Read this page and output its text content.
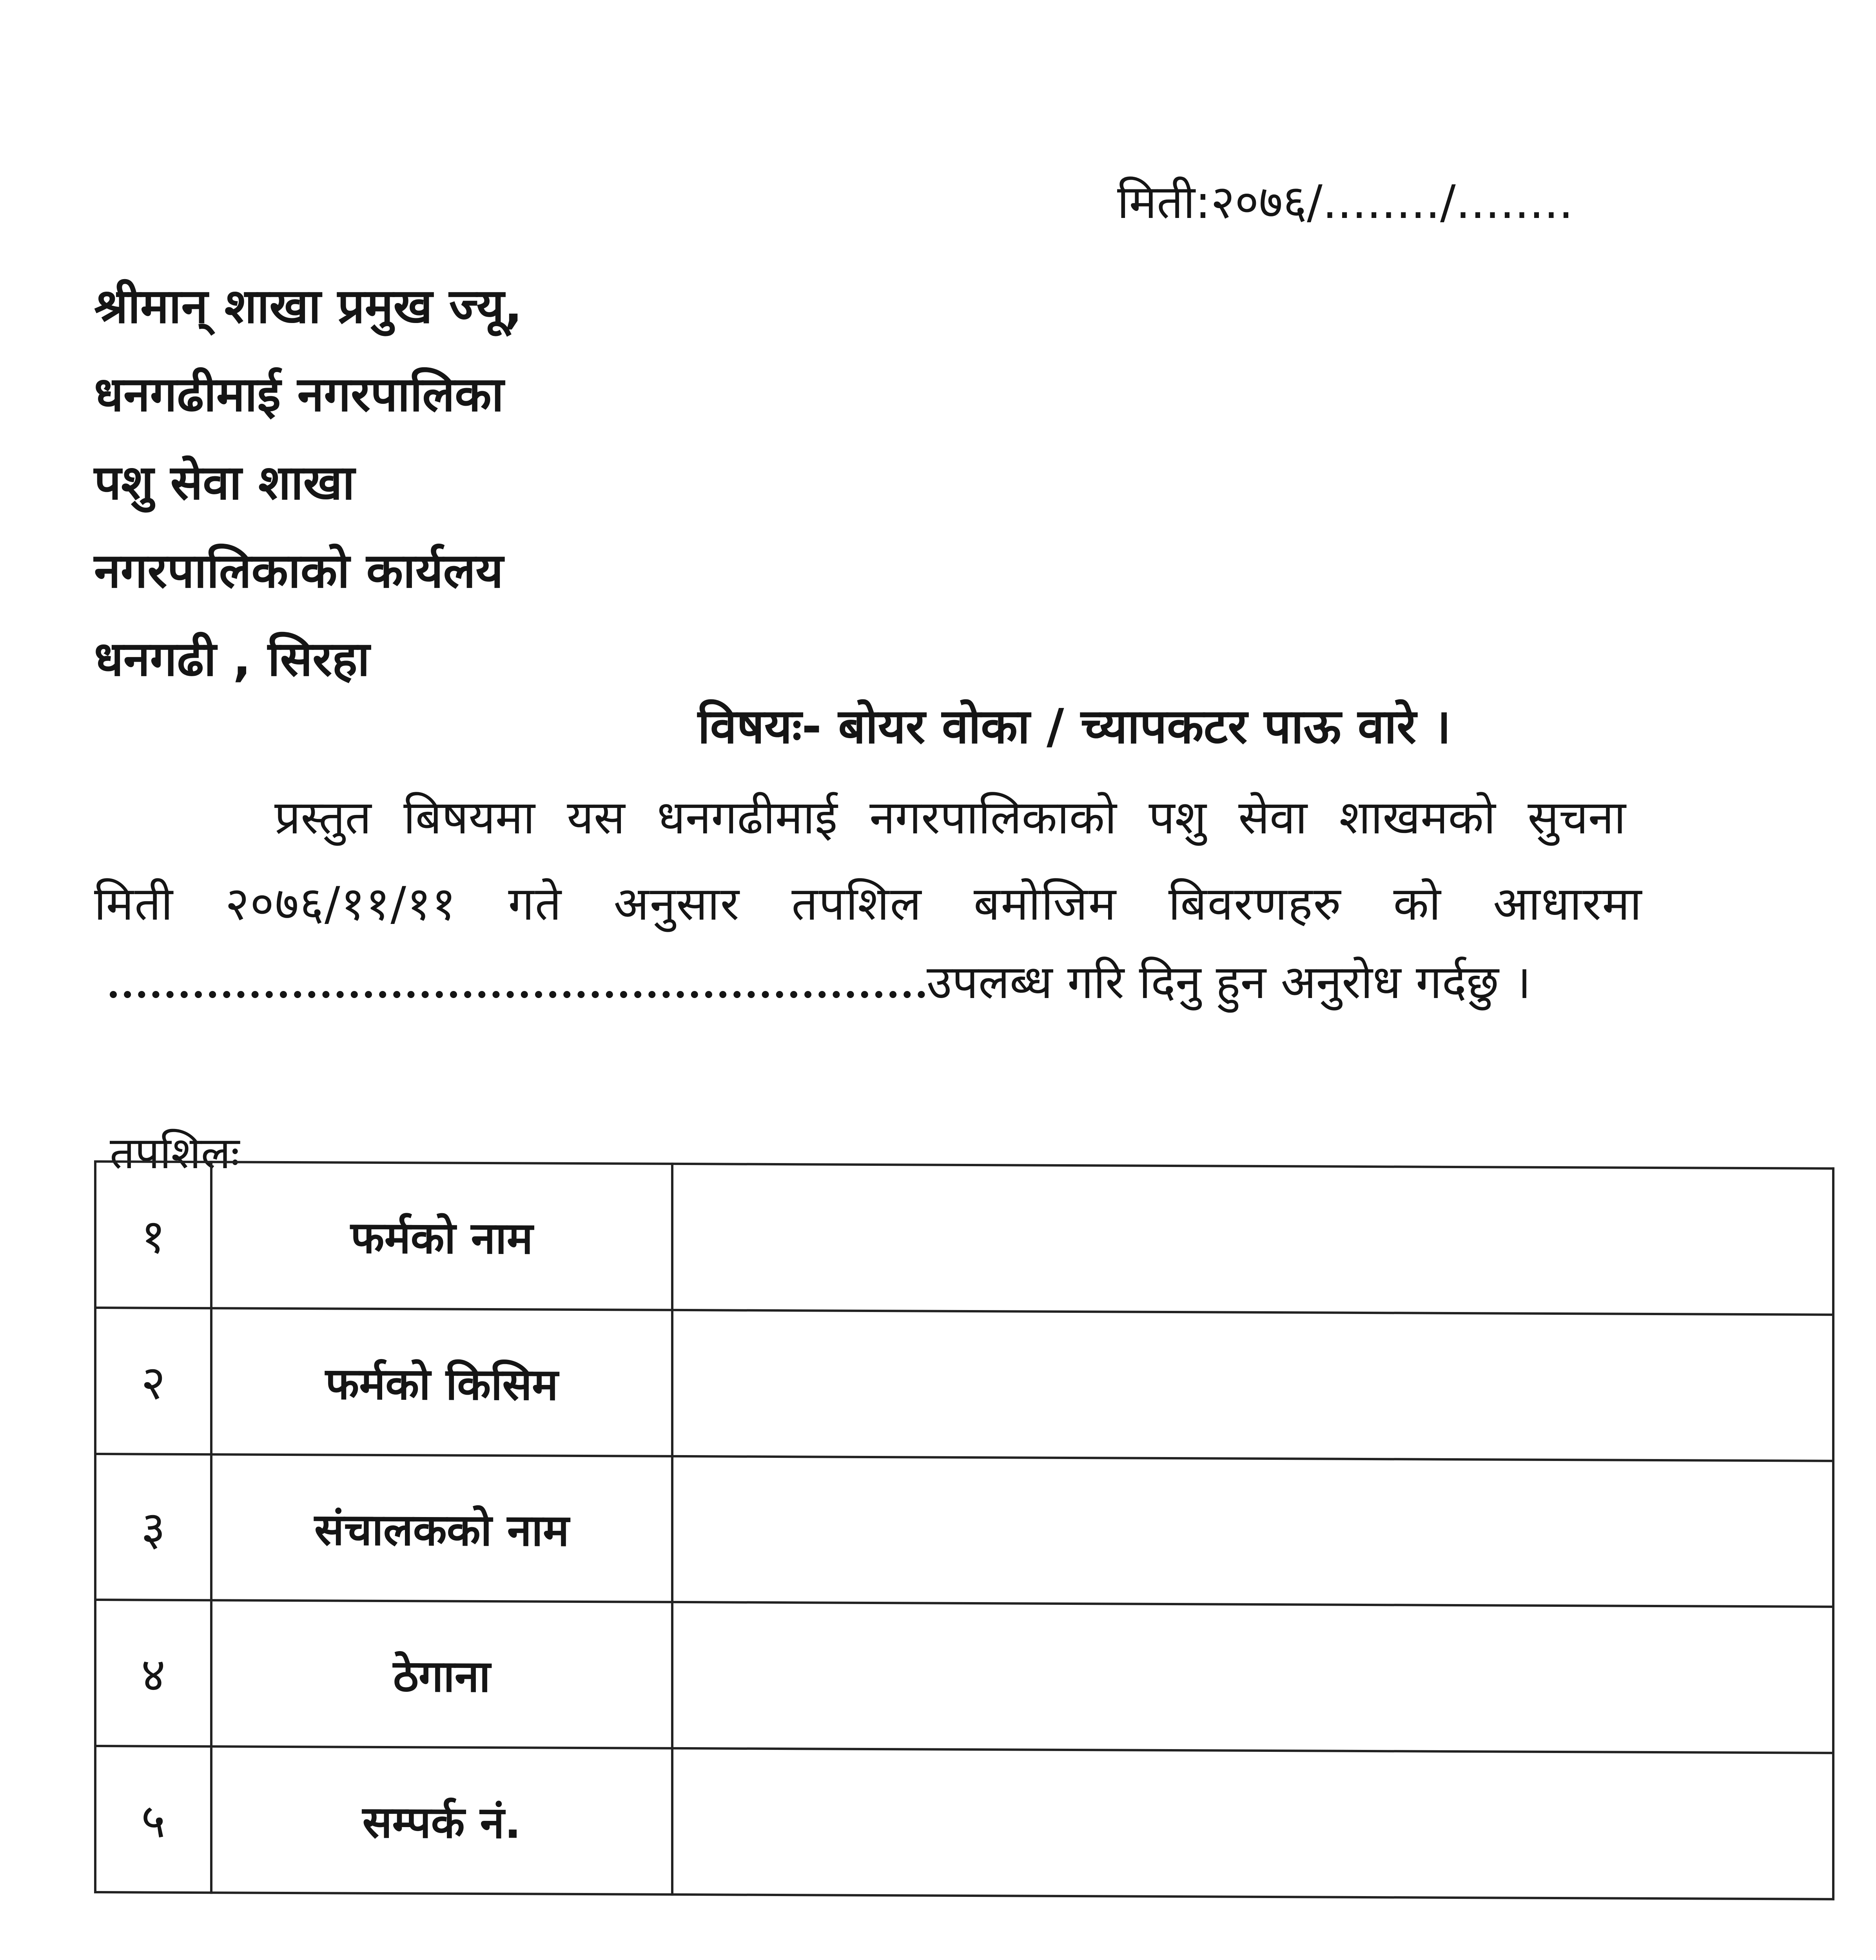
मिती:२०७६/......../........
श्रीमान् शाखा प्रमुख ज्यू,
धनगढीमाई नगरपालिका
पशु सेवा शाखा
नगरपालिकाको कार्यलय
धनगढी , सिरहा
विषयः- बोयर वोका / च्यापकटर पाऊ वारे ।
प्रस्तुत बिषयमा यस धनगढीमाई नगरपालिकाको पशु सेवा शाखमको सुचना
मिती २०७६/११/११ गते अनुसार तपशिल बमोजिम बिवरणहरु को आधारमा
उपलब्ध गरि दिनु हुन अनुरोध गर्दछु ।
तपशिलः
१	फर्मको नाम	
२	फर्मको किसिम	
३	संचालकको नाम	
४	ठेगाना	
५	सम्पर्क नं.	
